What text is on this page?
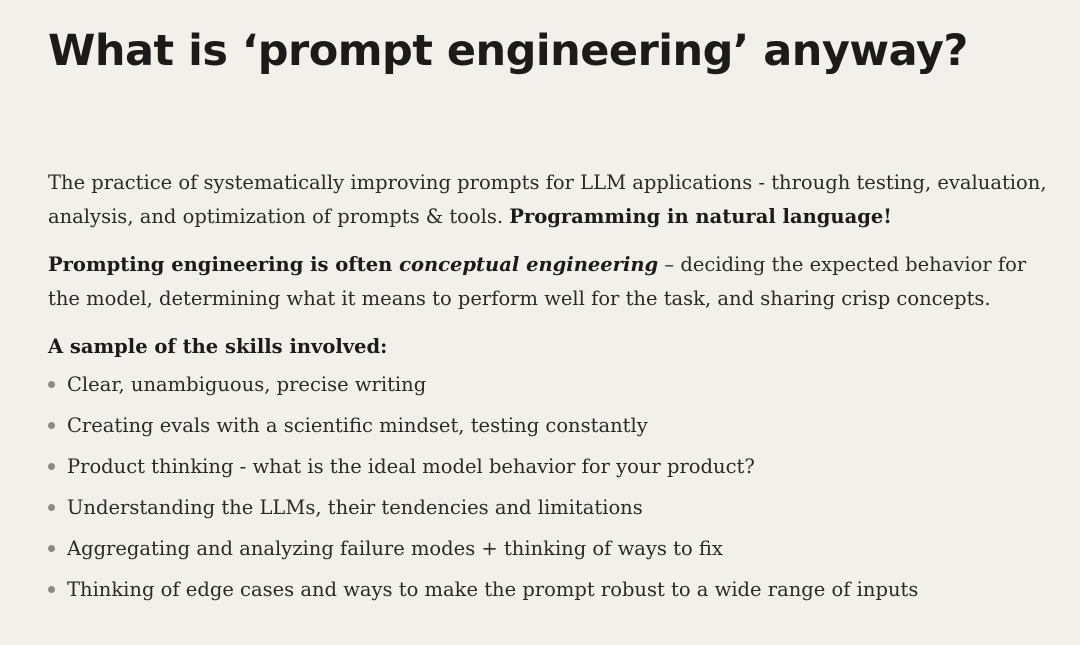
What is ‘prompt engineering’ anyway?

The practice of systematically improving prompts for LLM applications - through testing, evaluation, analysis, and optimization of prompts & tools. Programming in natural language!

Prompting engineering is often conceptual engineering – deciding the expected behavior for the model, determining what it means to perform well for the task, and sharing crisp concepts.

A sample of the skills involved:

Clear, unambiguous, precise writing
Creating evals with a scientific mindset, testing constantly
Product thinking - what is the ideal model behavior for your product?
Understanding the LLMs, their tendencies and limitations
Aggregating and analyzing failure modes + thinking of ways to fix
Thinking of edge cases and ways to make the prompt robust to a wide range of inputs
